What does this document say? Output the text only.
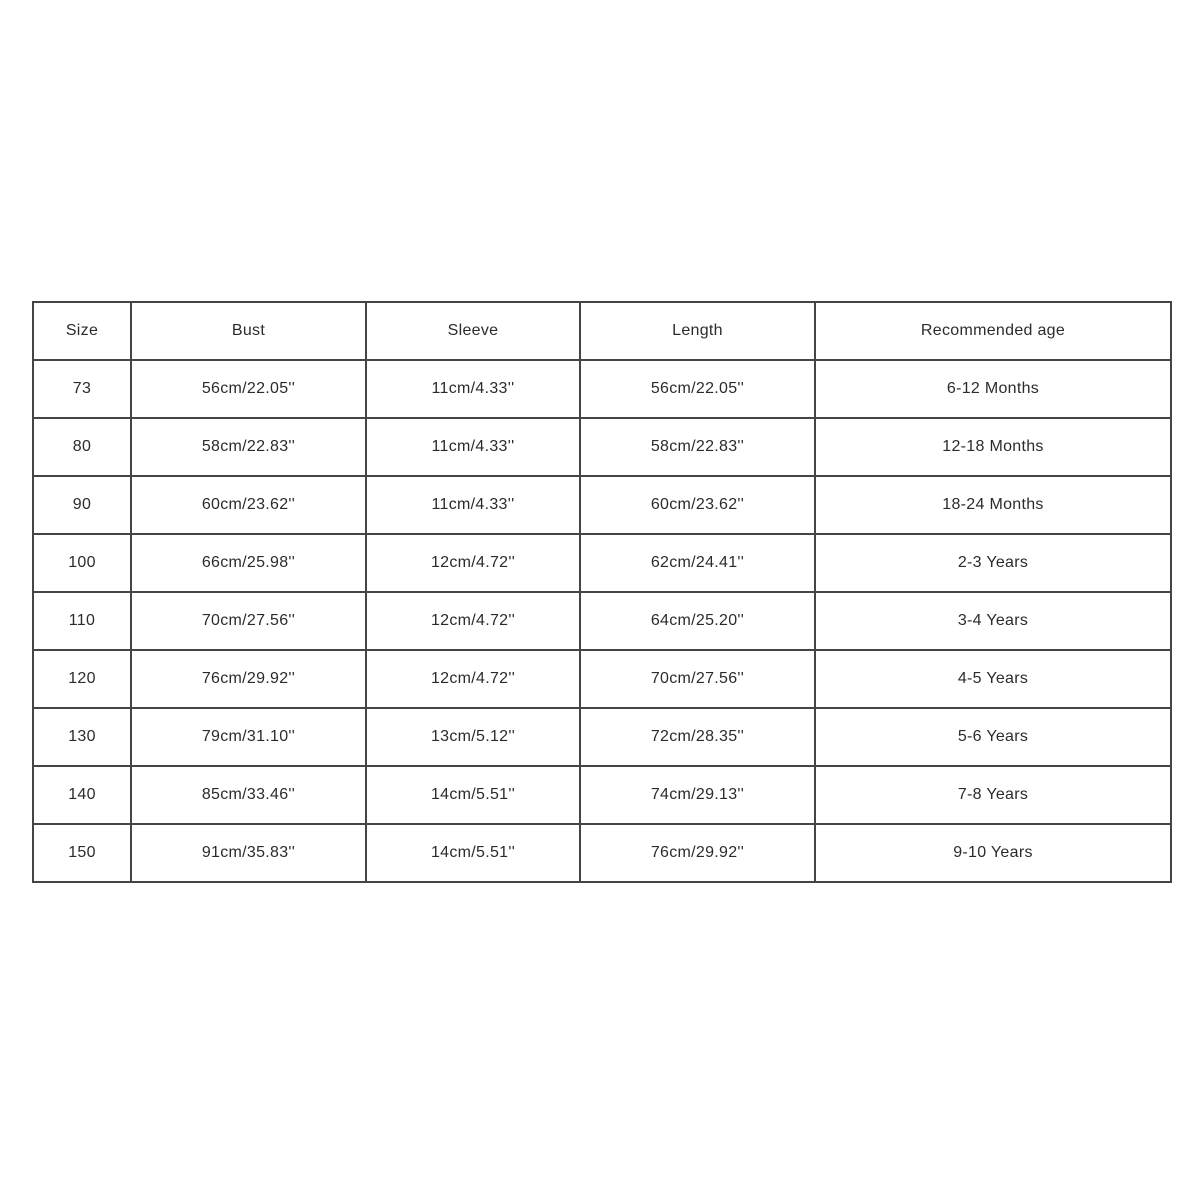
Size	Bust	Sleeve	Length	Recommended age
73	56cm/22.05''	11cm/4.33''	56cm/22.05''	6-12 Months
80	58cm/22.83''	11cm/4.33''	58cm/22.83''	12-18 Months
90	60cm/23.62''	11cm/4.33''	60cm/23.62''	18-24 Months
100	66cm/25.98''	12cm/4.72''	62cm/24.41''	2-3 Years
110	70cm/27.56''	12cm/4.72''	64cm/25.20''	3-4 Years
120	76cm/29.92''	12cm/4.72''	70cm/27.56''	4-5 Years
130	79cm/31.10''	13cm/5.12''	72cm/28.35''	5-6 Years
140	85cm/33.46''	14cm/5.51''	74cm/29.13''	7-8 Years
150	91cm/35.83''	14cm/5.51''	76cm/29.92''	9-10 Years
